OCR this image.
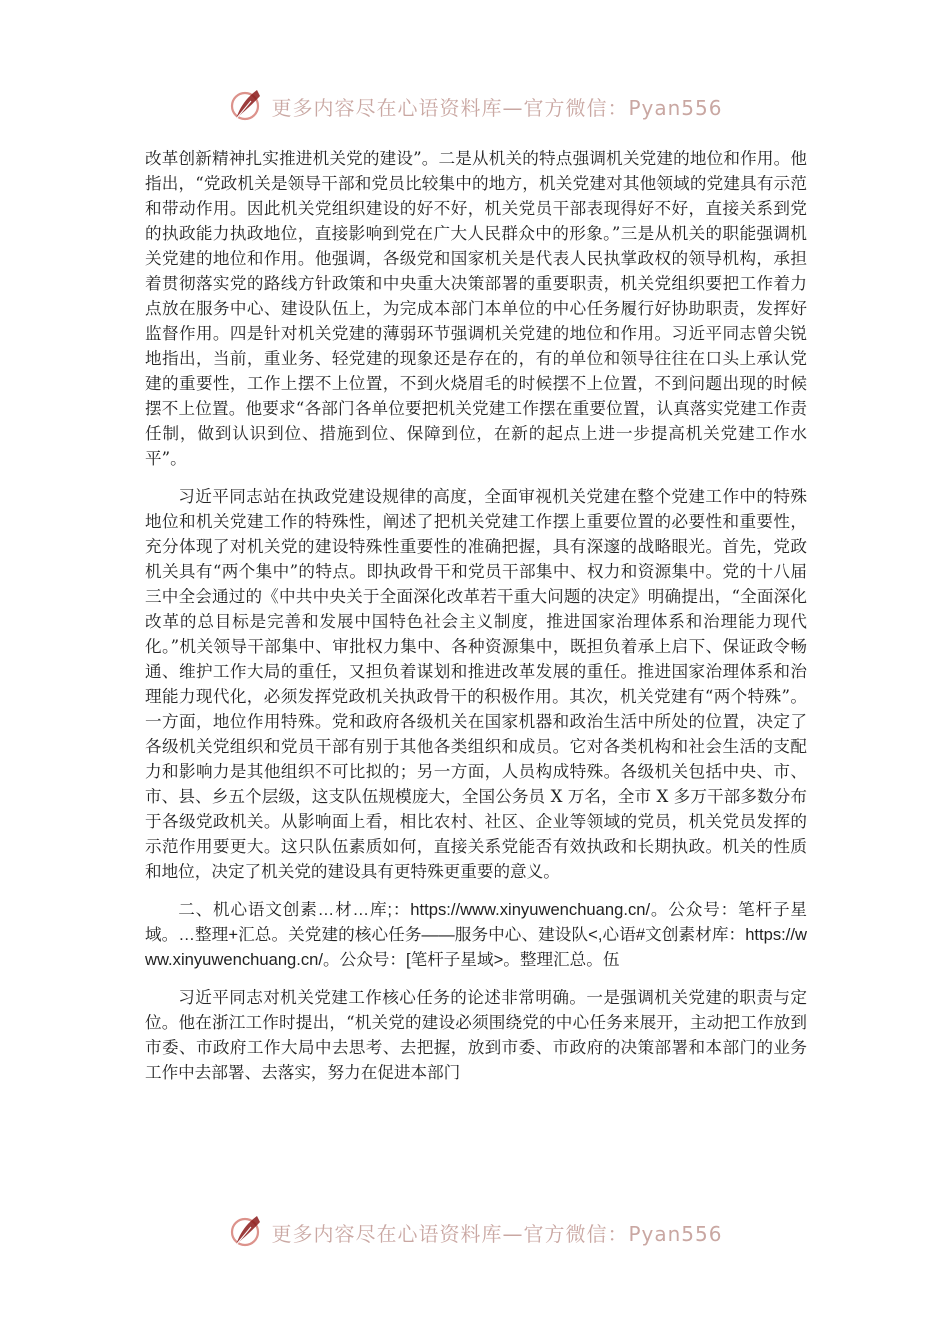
更多内容尽在心语资料库—官方微信：Pyan556

改革创新精神扎实推进机关党的建设”。二是从机关的特点强调机关党建的地位和作用。他指出，“党政机关是领导干部和党员比较集中的地方，机关党建对其他领域的党建具有示范和带动作用。因此机关党组织建设的好不好，机关党员干部表现得好不好，直接关系到党的执政能力执政地位，直接影响到党在广大人民群众中的形象。”三是从机关的职能强调机关党建的地位和作用。他强调，各级党和国家机关是代表人民执掌政权的领导机构，承担着贯彻落实党的路线方针政策和中央重大决策部署的重要职责，机关党组织要把工作着力点放在服务中心、建设队伍上，为完成本部门本单位的中心任务履行好协助职责，发挥好监督作用。四是针对机关党建的薄弱环节强调机关党建的地位和作用。习近平同志曾尖锐地指出，当前，重业务、轻党建的现象还是存在的，有的单位和领导往往在口头上承认党建的重要性，工作上摆不上位置，不到火烧眉毛的时候摆不上位置，不到问题出现的时候摆不上位置。他要求“各部门各单位要把机关党建工作摆在重要位置，认真落实党建工作责任制，做到认识到位、措施到位、保障到位，在新的起点上进一步提高机关党建工作水平”。

习近平同志站在执政党建设规律的高度，全面审视机关党建在整个党建工作中的特殊地位和机关党建工作的特殊性，阐述了把机关党建工作摆上重要位置的必要性和重要性，充分体现了对机关党的建设特殊性重要性的准确把握，具有深邃的战略眼光。首先，党政机关具有“两个集中”的特点。即执政骨干和党员干部集中、权力和资源集中。党的十八届三中全会通过的《中共中央关于全面深化改革若干重大问题的决定》明确提出，“全面深化改革的总目标是完善和发展中国特色社会主义制度，推进国家治理体系和治理能力现代化。”机关领导干部集中、审批权力集中、各种资源集中，既担负着承上启下、保证政令畅通、维护工作大局的重任，又担负着谋划和推进改革发展的重任。推进国家治理体系和治理能力现代化，必须发挥党政机关执政骨干的积极作用。其次，机关党建有“两个特殊”。一方面，地位作用特殊。党和政府各级机关在国家机器和政治生活中所处的位置，决定了各级机关党组织和党员干部有别于其他各类组织和成员。它对各类机构和社会生活的支配力和影响力是其他组织不可比拟的；另一方面，人员构成特殊。各级机关包括中央、市、市、县、乡五个层级，这支队伍规模庞大，全国公务员 X 万名，全市 X 多万干部多数分布于各级党政机关。从影响面上看，相比农村、社区、企业等领域的党员，机关党员发挥的示范作用要更大。这只队伍素质如何，直接关系党能否有效执政和长期执政。机关的性质和地位，决定了机关党的建设具有更特殊更重要的意义。

二、机心语文创素…材…库;：https://www.xinyuwenchuang.cn/。公众号：笔杆子星域。…整理+汇总。关党建的核心任务——服务中心、建设队<,心语#文创素材库：https://www.xinyuwenchuang.cn/。公众号：[笔杆子星域>。整理汇总。伍

习近平同志对机关党建工作核心任务的论述非常明确。一是强调机关党建的职责与定位。他在浙江工作时提出，“机关党的建设必须围绕党的中心任务来展开，主动把工作放到市委、市政府工作大局中去思考、去把握，放到市委、市政府的决策部署和本部门的业务工作中去部署、去落实，努力在促进本部门

更多内容尽在心语资料库—官方微信：Pyan556
